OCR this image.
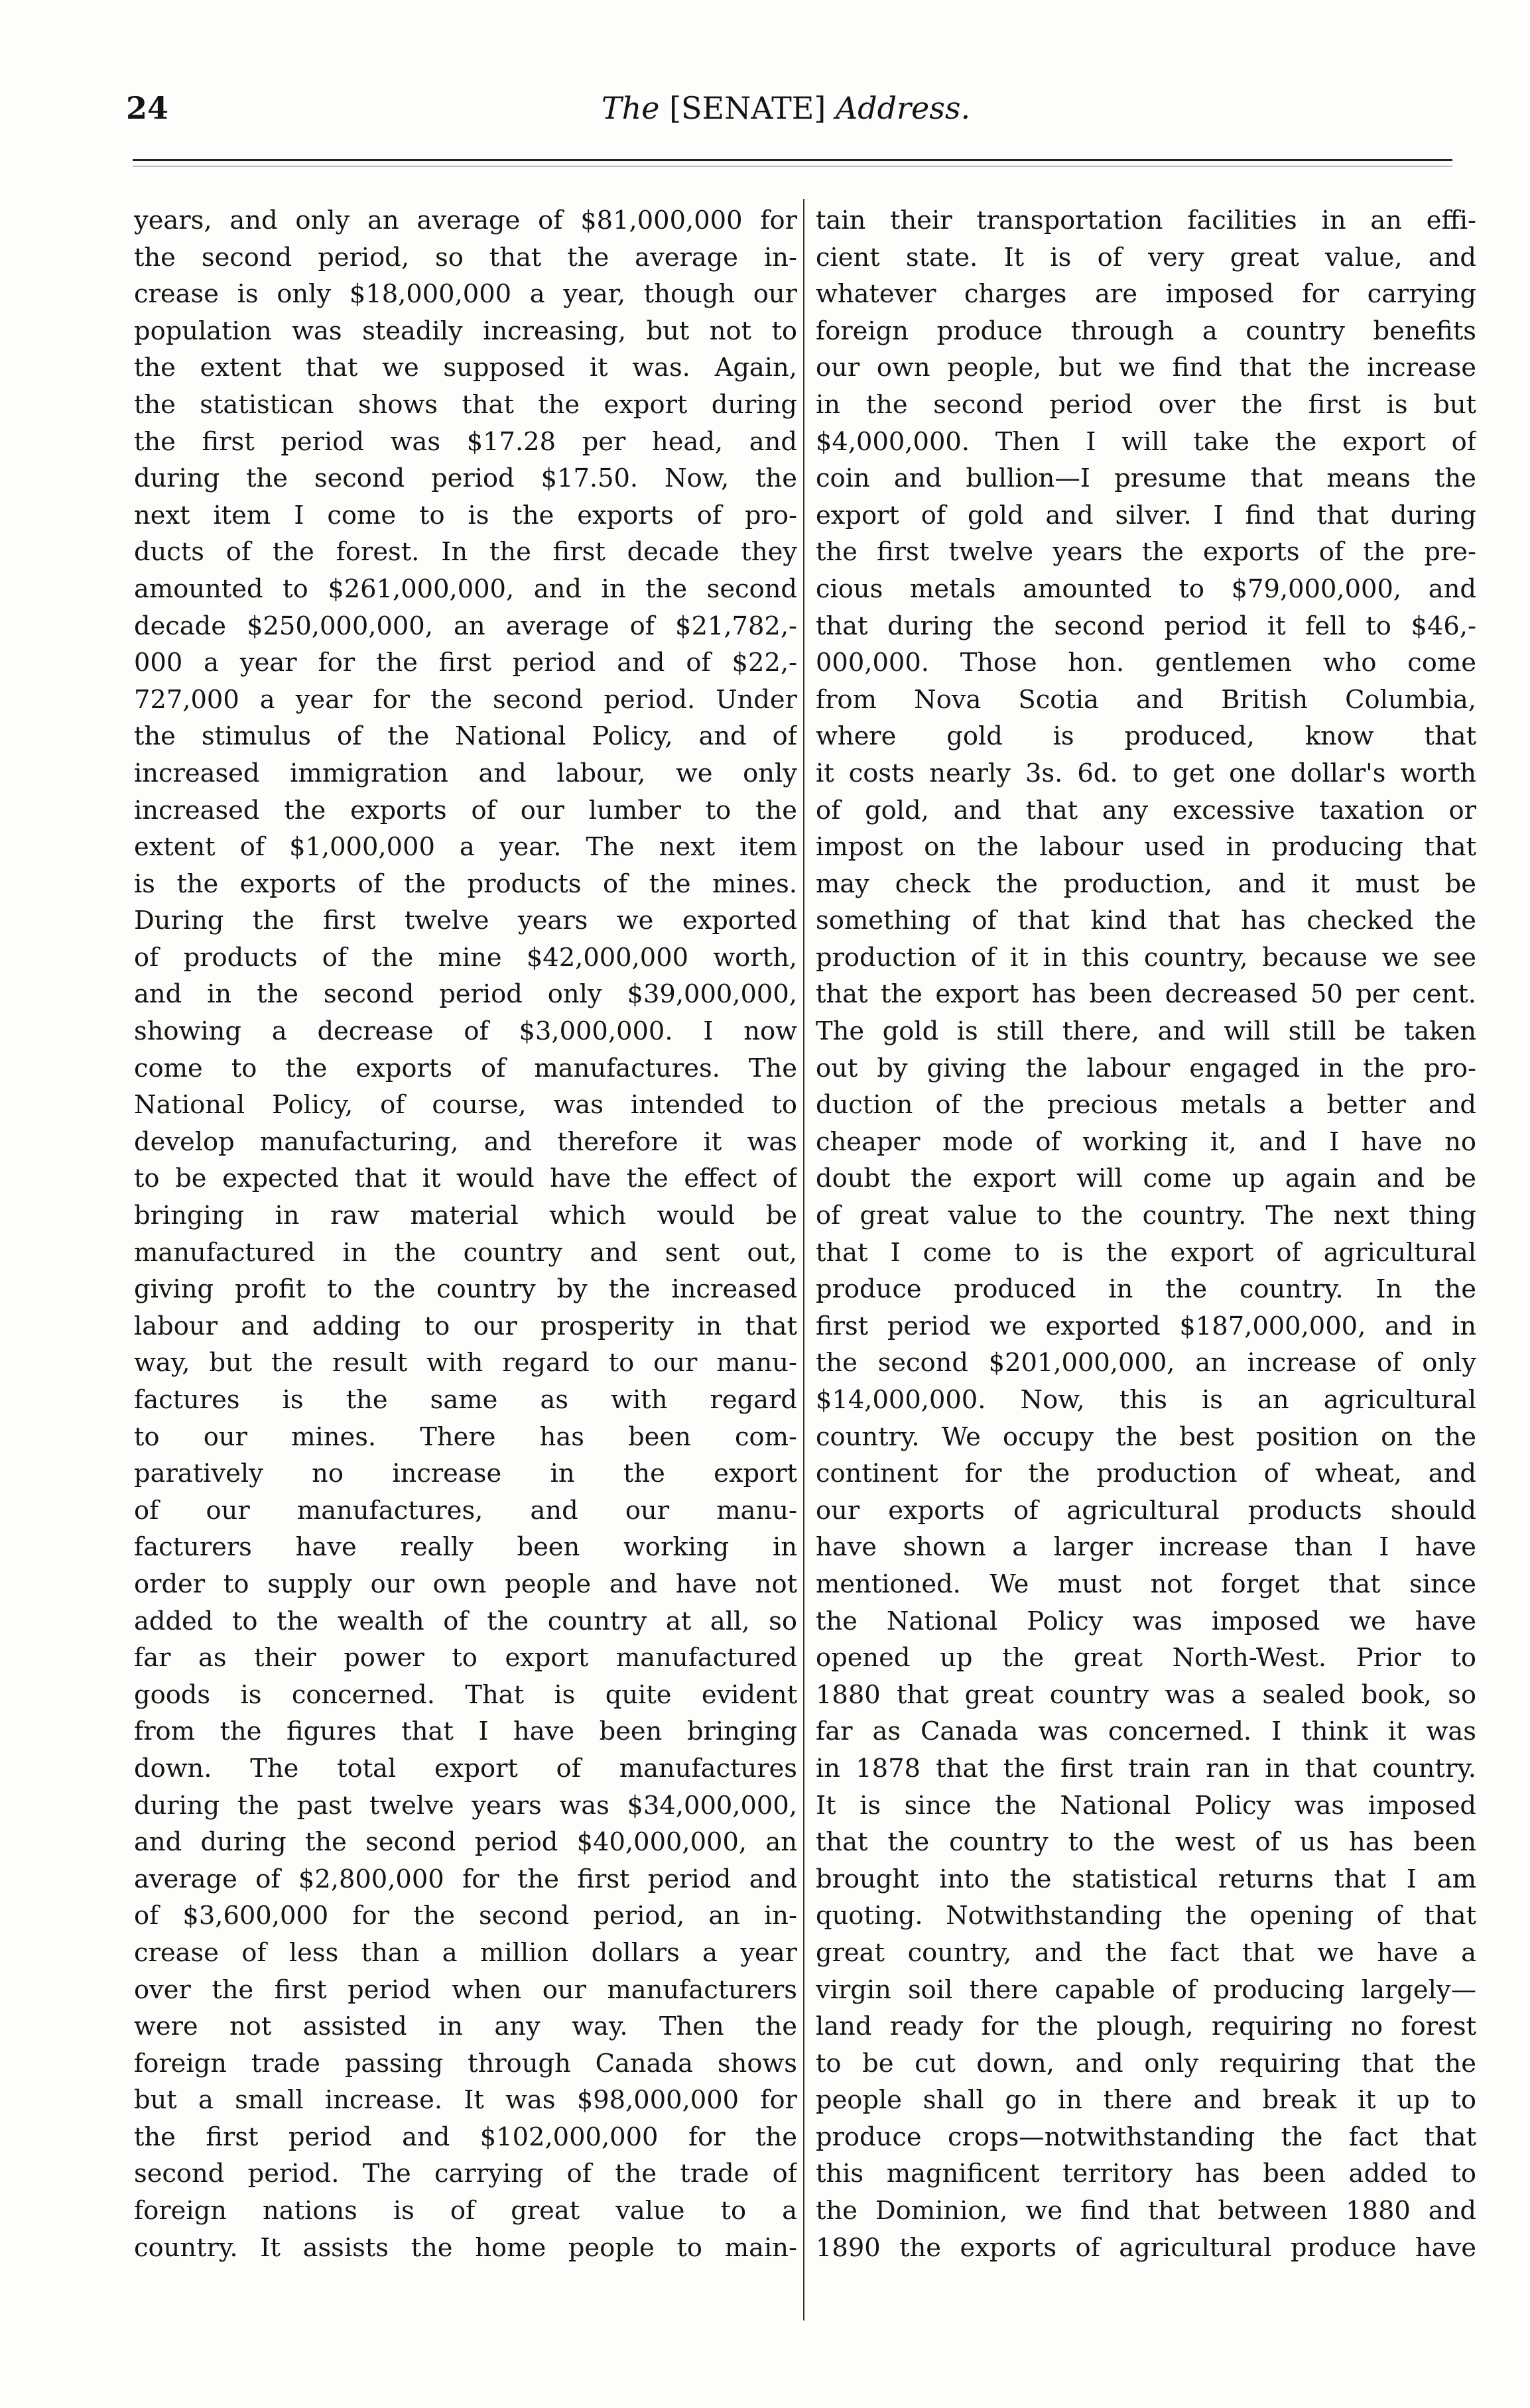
24	The [SENATE] Address.
years, and only an average of $81,000,000 for
the second period, so that the average in-
crease is only $18,000,000 a year, though our
population was steadily increasing, but not to
the extent that we supposed it was. Again,
the statistican shows that the export during
the first period was $17.28 per head, and
during the second period $17.50. Now, the
next item I come to is the exports of pro-
ducts of the forest. In the first decade they
amounted to $261,000,000, and in the second
decade $250,000,000, an average of $21,782,-
000 a year for the first period and of $22,-
727,000 a year for the second period. Under
the stimulus of the National Policy, and of
increased immigration and labour, we only
increased the exports of our lumber to the
extent of $1,000,000 a year. The next item
is the exports of the products of the mines.
During the first twelve years we exported
of products of the mine $42,000,000 worth,
and in the second period only $39,000,000,
showing a decrease of $3,000,000. I now
come to the exports of manufactures. The
National Policy, of course, was intended to
develop manufacturing, and therefore it was
to be expected that it would have the effect of
bringing in raw material which would be
manufactured in the country and sent out,
giving profit to the country by the increased
labour and adding to our prosperity in that
way, but the result with regard to our manu-
factures is the same as with regard
to our mines. There has been com-
paratively no increase in the export
of our manufactures, and our manu-
facturers have really been working in
order to supply our own people and have not
added to the wealth of the country at all, so
far as their power to export manufactured
goods is concerned. That is quite evident
from the figures that I have been bringing
down. The total export of manufactures
during the past twelve years was $34,000,000,
and during the second period $40,000,000, an
average of $2,800,000 for the first period and
of $3,600,000 for the second period, an in-
crease of less than a million dollars a year
over the first period when our manufacturers
were not assisted in any way. Then the
foreign trade passing through Canada shows
but a small increase. It was $98,000,000 for
the first period and $102,000,000 for the
second period. The carrying of the trade of
foreign nations is of great value to a
country. It assists the home people to main-
tain their transportation facilities in an effi-
cient state. It is of very great value, and
whatever charges are imposed for carrying
foreign produce through a country benefits
our own people, but we find that the increase
in the second period over the first is but
$4,000,000. Then I will take the export of
coin and bullion—I presume that means the
export of gold and silver. I find that during
the first twelve years the exports of the pre-
cious metals amounted to $79,000,000, and
that during the second period it fell to $46,-
000,000. Those hon. gentlemen who come
from Nova Scotia and British Columbia,
where gold is produced, know that
it costs nearly 3s. 6d. to get one dollar's worth
of gold, and that any excessive taxation or
impost on the labour used in producing that
may check the production, and it must be
something of that kind that has checked the
production of it in this country, because we see
that the export has been decreased 50 per cent.
The gold is still there, and will still be taken
out by giving the labour engaged in the pro-
duction of the precious metals a better and
cheaper mode of working it, and I have no
doubt the export will come up again and be
of great value to the country. The next thing
that I come to is the export of agricultural
produce produced in the country. In the
first period we exported $187,000,000, and in
the second $201,000,000, an increase of only
$14,000,000. Now, this is an agricultural
country. We occupy the best position on the
continent for the production of wheat, and
our exports of agricultural products should
have shown a larger increase than I have
mentioned. We must not forget that since
the National Policy was imposed we have
opened up the great North-West. Prior to
1880 that great country was a sealed book, so
far as Canada was concerned. I think it was
in 1878 that the first train ran in that country.
It is since the National Policy was imposed
that the country to the west of us has been
brought into the statistical returns that I am
quoting. Notwithstanding the opening of that
great country, and the fact that we have a
virgin soil there capable of producing largely—
land ready for the plough, requiring no forest
to be cut down, and only requiring that the
people shall go in there and break it up to
produce crops—notwithstanding the fact that
this magnificent territory has been added to
the Dominion, we find that between 1880 and
1890 the exports of agricultural produce have
